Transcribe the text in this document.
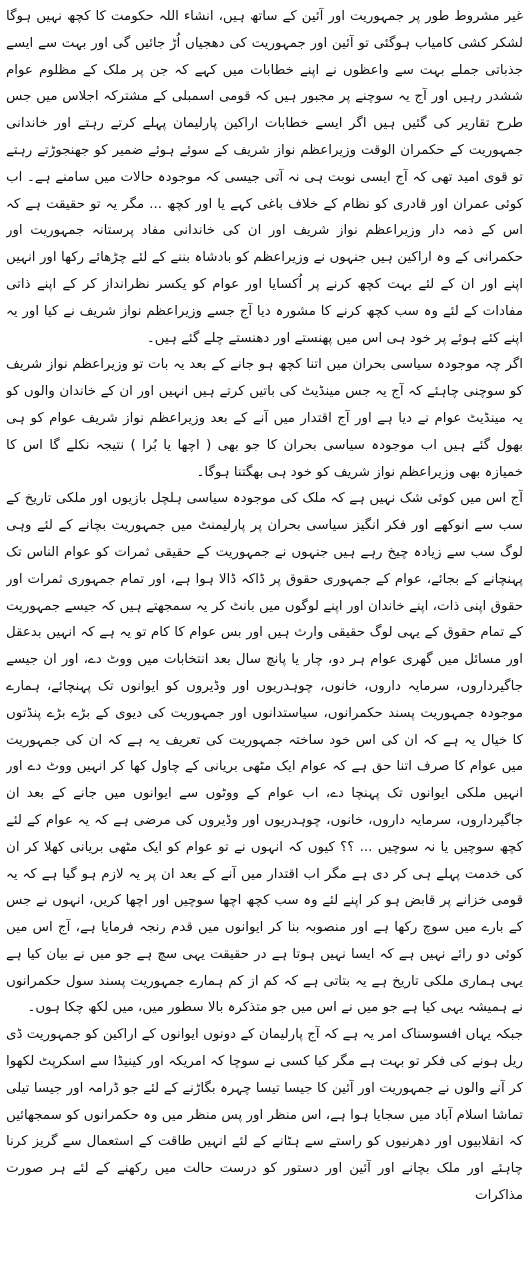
غیر مشروط طور پر جمہوریت اور آئین کے ساتھ ہیں، انشاء اللہ حکومت کا کچھ نہیں ہوگا لشکر کشی کامیاب ہوگئی تو آئین اور جمہوریت کی دھجیاں اُڑ جائیں گی اور بہت سے ایسے جذباتی جملے بہت سے واعظوں نے اپنے خطابات میں کہے کہ جن پر ملک کے مظلوم عوام ششدر رہیں اور آج یہ سوچنے پر مجبور ہیں کہ قومی اسمبلی کے مشترکہ اجلاس میں جس طرح تقاریر کی گئیں ہیں اگر ایسے خطابات اراکین پارلیمان پہلے کرتے رہتے اور خاندانی جمہوریت کے حکمران الوقت وزیراعظم نواز شریف کے سوئے ہوئے ضمیر کو جھنجوڑتے رہتے تو قوی امید تھی کہ آج ایسی نوبت ہی نہ آتی جیسی کہ موجودہ حالات میں سامنے ہے۔ اب کوئی عمران اور قادری کو نظام کے خلاف باغی کہے یا اور کچھ ... مگر یہ تو حقیقت ہے کہ اس کے ذمہ دار وزیراعظم نواز شریف اور ان کی خاندانی مفاد پرستانہ جمہوریت اور حکمرانی کے وہ اراکین ہیں جنہوں نے وزیراعظم کو بادشاہ بننے کے لئے چڑھائے رکھا اور انہیں اپنے اور ان کے لئے بہت کچھ کرنے پر اُکسایا اور عوام کو یکسر نظرانداز کر کے اپنے ذاتی مفادات کے لئے وہ سب کچھ کرنے کا مشورہ دیا آج جسے وزیراعظم نواز شریف نے کیا اور یہ اپنے کئے ہوئے پر خود ہی اس میں پھنستے اور دھنستے چلے گئے ہیں۔

اگر چہ موجودہ سیاسی بحران میں اتنا کچھ ہو جانے کے بعد یہ بات تو وزیراعظم نواز شریف کو سوچنی چاہئے کہ آج یہ جس مینڈیٹ کی باتیں کرتے ہیں انہیں اور ان کے خاندان والوں کو یہ مینڈیٹ عوام نے دیا ہے اور آج اقتدار میں آنے کے بعد وزیراعظم نواز شریف عوام کو ہی بھول گئے ہیں اب موجودہ سیاسی بحران کا جو بھی ( اچھا یا بُرا ) نتیجہ نکلے گا اس کا خمیازہ بھی وزیراعظم نواز شریف کو خود ہی بھگتنا ہوگا۔

آج اس میں کوئی شک نہیں ہے کہ ملک کی موجودہ سیاسی ہلچل بازیوں اور ملکی تاریخ کے سب سے انوکھے اور فکر انگیز سیاسی بحران پر پارلیمنٹ میں جمہوریت بچانے کے لئے وہی لوگ سب سے زیادہ چیخ رہے ہیں جنہوں نے جمہوریت کے حقیقی ثمرات کو عوام الناس تک پہنچانے کے بجائے، عوام کے جمہوری حقوق پر ڈاکہ ڈالا ہوا ہے، اور تمام جمہوری ثمرات اور حقوق اپنی ذات، اپنے خاندان اور اپنے لوگوں میں بانٹ کر یہ سمجھتے ہیں کہ جیسے جمہوریت کے تمام حقوق کے یہی لوگ حقیقی وارث ہیں اور بس عوام کا کام تو یہ ہے کہ انہیں بدعقل اور مسائل میں گھری عوام ہر دو، چار یا پانچ سال بعد انتخابات میں ووٹ دے، اور ان جیسے جاگیرداروں، سرمایہ داروں، خانوں، چوہدریوں اور وڈیروں کو ایوانوں تک پہنچائے، ہمارے موجودہ جمہوریت پسند حکمرانوں، سیاستدانوں اور جمہوریت کی دیوی کے بڑے بڑے پنڈتوں کا خیال یہ ہے کہ ان کی اس خود ساختہ جمہوریت کی تعریف یہ ہے کہ ان کی جمہوریت میں عوام کا صرف اتنا حق ہے کہ عوام ایک مٹھی بریانی کے چاول کھا کر انہیں ووٹ دے اور انہیں ملکی ایوانوں تک پہنچا دے، اب عوام کے ووٹوں سے ایوانوں میں جانے کے بعد ان جاگیرداروں، سرمایہ داروں، خانوں، چوہدریوں اور وڈیروں کی مرضی ہے کہ یہ عوام کے لئے کچھ سوچیں یا نہ سوچیں ... ؟؟ کیوں کہ انہوں نے تو عوام کو ایک مٹھی بریانی کھلا کر ان کی خدمت پہلے ہی کر دی ہے مگر اب اقتدار میں آنے کے بعد ان پر یہ لازم ہو گیا ہے کہ یہ قومی خزانے پر قابض ہو کر اپنے لئے وہ سب کچھ اچھا سوچیں اور اچھا کریں، انہوں نے جس کے بارے میں سوچ رکھا ہے اور منصوبہ بنا کر ایوانوں میں قدم رنجہ فرمایا ہے، آج اس میں کوئی دو رائے نہیں ہے کہ ایسا نہیں ہوتا ہے در حقیقت یہی سچ ہے جو میں نے بیان کیا ہے یہی ہماری ملکی تاریخ ہے یہ بتاتی ہے کہ کم از کم ہمارے جمہوریت پسند سول حکمرانوں نے ہمیشہ یہی کیا ہے جو میں نے اس میں جو متذکرہ بالا سطور میں، میں لکھ چکا ہوں۔

جبکہ یہاں افسوسناک امر یہ ہے کہ آج پارلیمان کے دونوں ایوانوں کے اراکین کو جمہوریت ڈی ریل ہونے کی فکر تو بہت ہے مگر کیا کسی نے سوچا کہ امریکہ اور کینیڈا سے اسکرپٹ لکھوا کر آنے والوں نے جمہوریت اور آئین کا جیسا تیسا چہرہ بگاڑنے کے لئے جو ڈرامہ اور جیسا تیلی تماشا اسلام آباد میں سجایا ہوا ہے، اس منظر اور پس منظر میں وہ حکمرانوں کو سمجھائیں کہ انقلابیوں اور دھرنیوں کو راستے سے ہٹانے کے لئے انہیں طاقت کے استعمال سے گریز کرنا چاہئے اور ملک بچانے اور آئین اور دستور کو درست حالت میں رکھنے کے لئے ہر صورت مذاکرات
